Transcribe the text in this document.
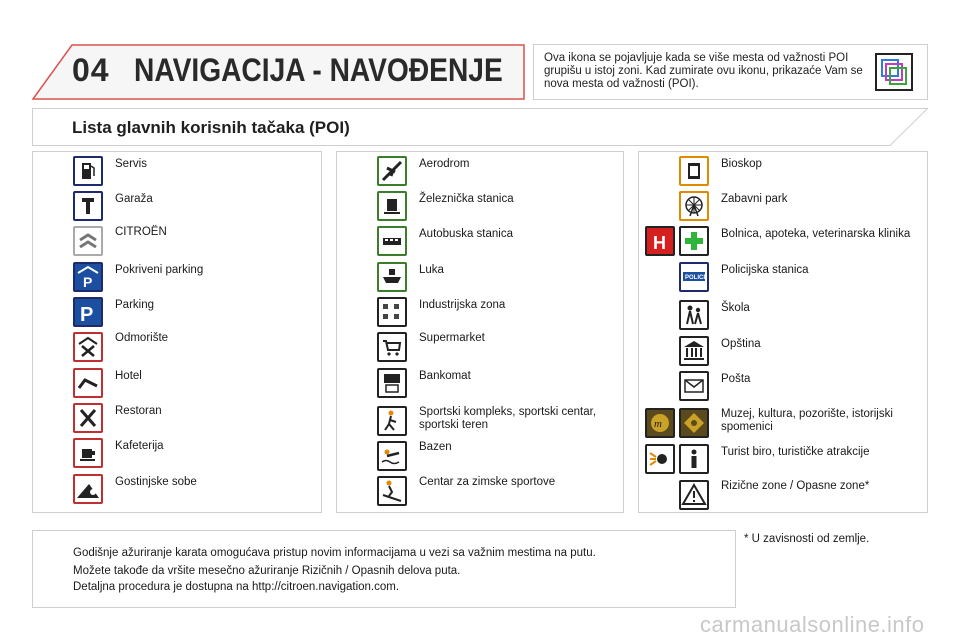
04 NAVIGACIJA - NAVOĐENJE	Ova ikona se pojavljuje kada se više mesta od važnosti POI grupišu u istoj zoni. Kad zumirate ovu ikonu, prikazaće Vam se nova mesta od važnosti (POI).
Lista glavnih korisnih tačaka (POI)
Servis
Garaža
CITROËN
P
Pokriveni parking
P Parking
Odmorište
Hotel
Restoran
Kafeterija
Gostinjske sobe
Aerodrom
Železnička stanica
Autobuska stanica
Luka
Industrijska zona
Supermarket
Bankomat
Sportski kompleks, sportski centar, sportski teren
Bazen
Centar za zimske sportove
Bioskop
Zabavni park
H	Bolnica, apoteka, veterinarska klinika
POLICE
Policijska stanica
Škola
Opština
Pošta
m
Muzej, kultura, pozorište, istorijski spomenici
Turist biro, turističke atrakcije
Rizične zone / Opasne zone*
Godišnje ažuriranje karata omogućava pristup novim informacijama u vezi sa važnim mestima na putu.
Možete takođe da vršite mesečno ažuriranje Rizičnih / Opasnih delova puta.
Detaljna procedura je dostupna na http://citroen.navigation.com.
* U zavisnosti od zemlje.
carmanualsonline.info
